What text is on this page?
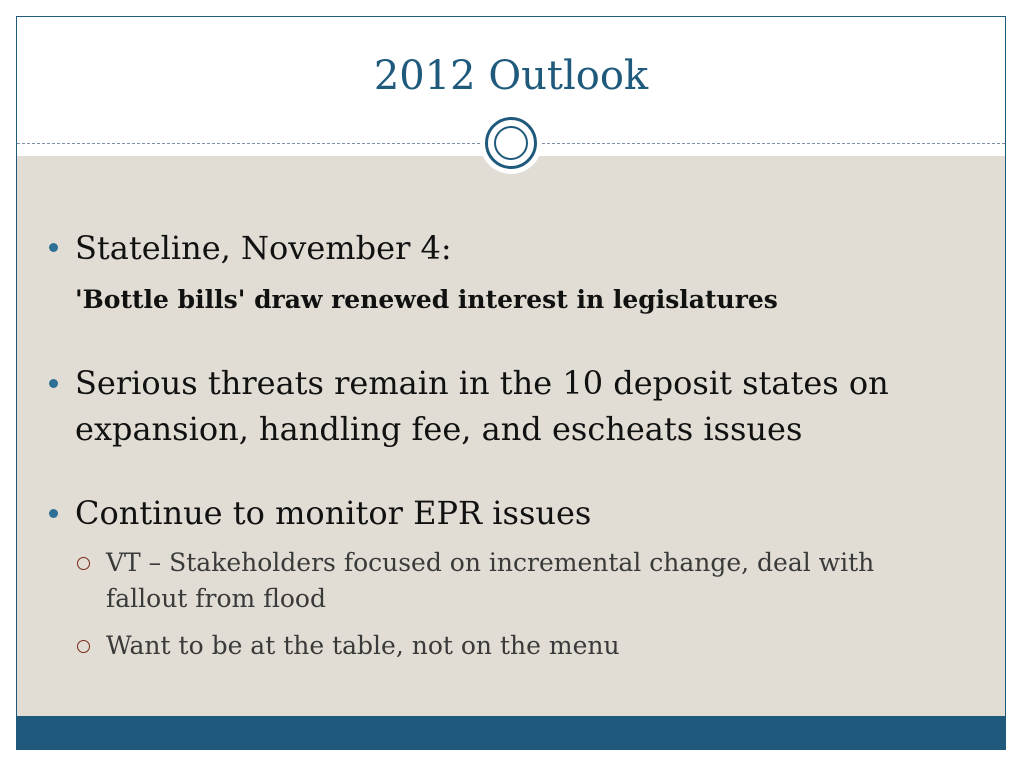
2012 Outlook
Stateline, November 4:
'Bottle bills' draw renewed interest in legislatures
Serious threats remain in the 10 deposit states on
expansion, handling fee, and escheats issues
Continue to monitor EPR issues
VT – Stakeholders focused on incremental change, deal with
fallout from flood
Want to be at the table, not on the menu
